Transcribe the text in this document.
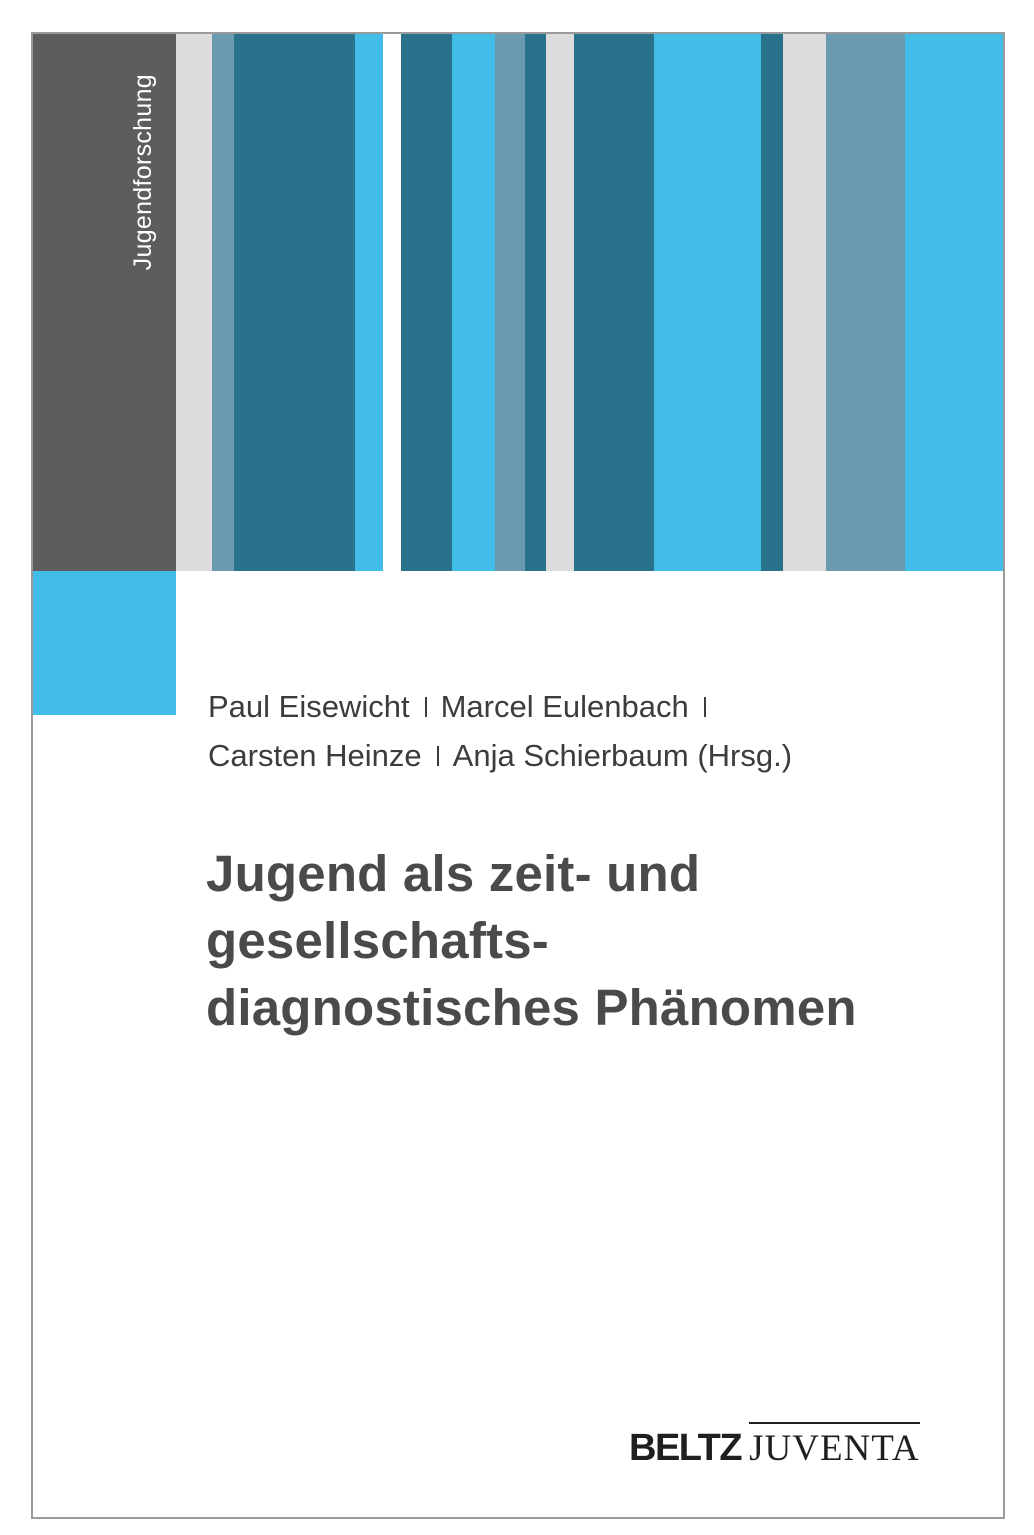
Jugendforschung
Paul Eisewicht Marcel Eulenbach
Carsten Heinze Anja Schierbaum (Hrsg.)
Jugend als zeit- und
gesellschafts-
diagnostisches Phänomen
BELTZ JUVENTA
